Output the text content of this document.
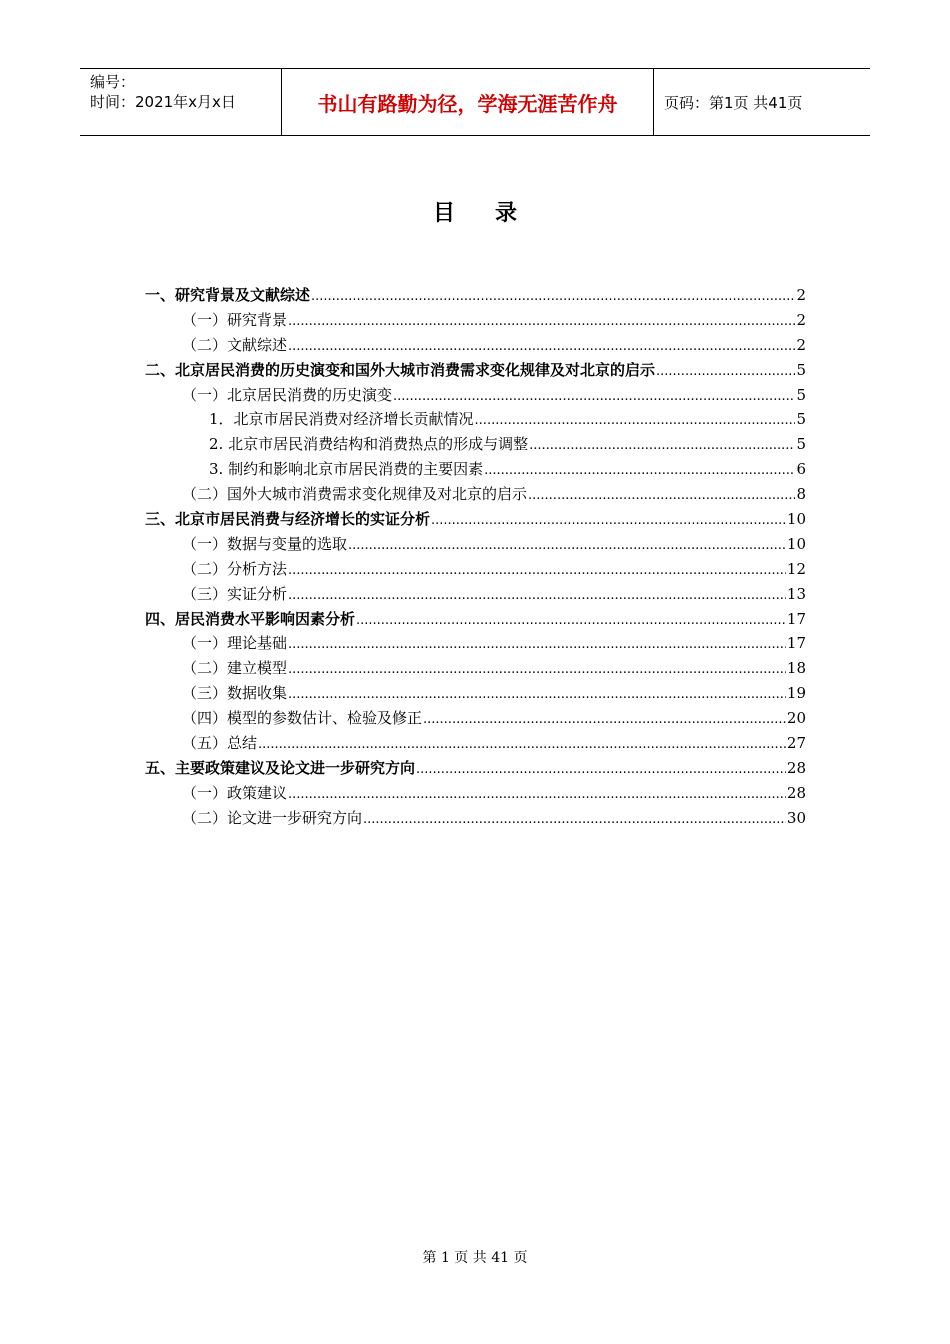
编号：
时间：2021年x月x日	书山有路勤为径，学海无涯苦作舟	页码：第1页 共41页
目录
一、研究背景及文献综述 .....	2
（一）研究背景 .....	2
（二）文献综述 .....	2
二、北京居民消费的历史演变和国外大城市消费需求变化规律及对北京的启示 .....	5
（一）北京居民消费的历史演变 .....	5
1．北京市居民消费对经济增长贡献情况 .....	5
2. 北京市居民消费结构和消费热点的形成与调整 .....	5
3. 制约和影响北京市居民消费的主要因素 .....	6
（二）国外大城市消费需求变化规律及对北京的启示 .....	8
三、北京市居民消费与经济增长的实证分析 .....	10
（一）数据与变量的选取 .....	10
（二）分析方法 .....	12
（三）实证分析 .....	13
四、居民消费水平影响因素分析 .....	17
（一）理论基础 .....	17
（二）建立模型 .....	18
（三）数据收集 .....	19
（四）模型的参数估计、检验及修正 .....	20
（五）总结 .....	27
五、主要政策建议及论文进一步研究方向 .....	28
（一）政策建议 .....	28
（二）论文进一步研究方向 .....	30
第 1 页 共 41 页
